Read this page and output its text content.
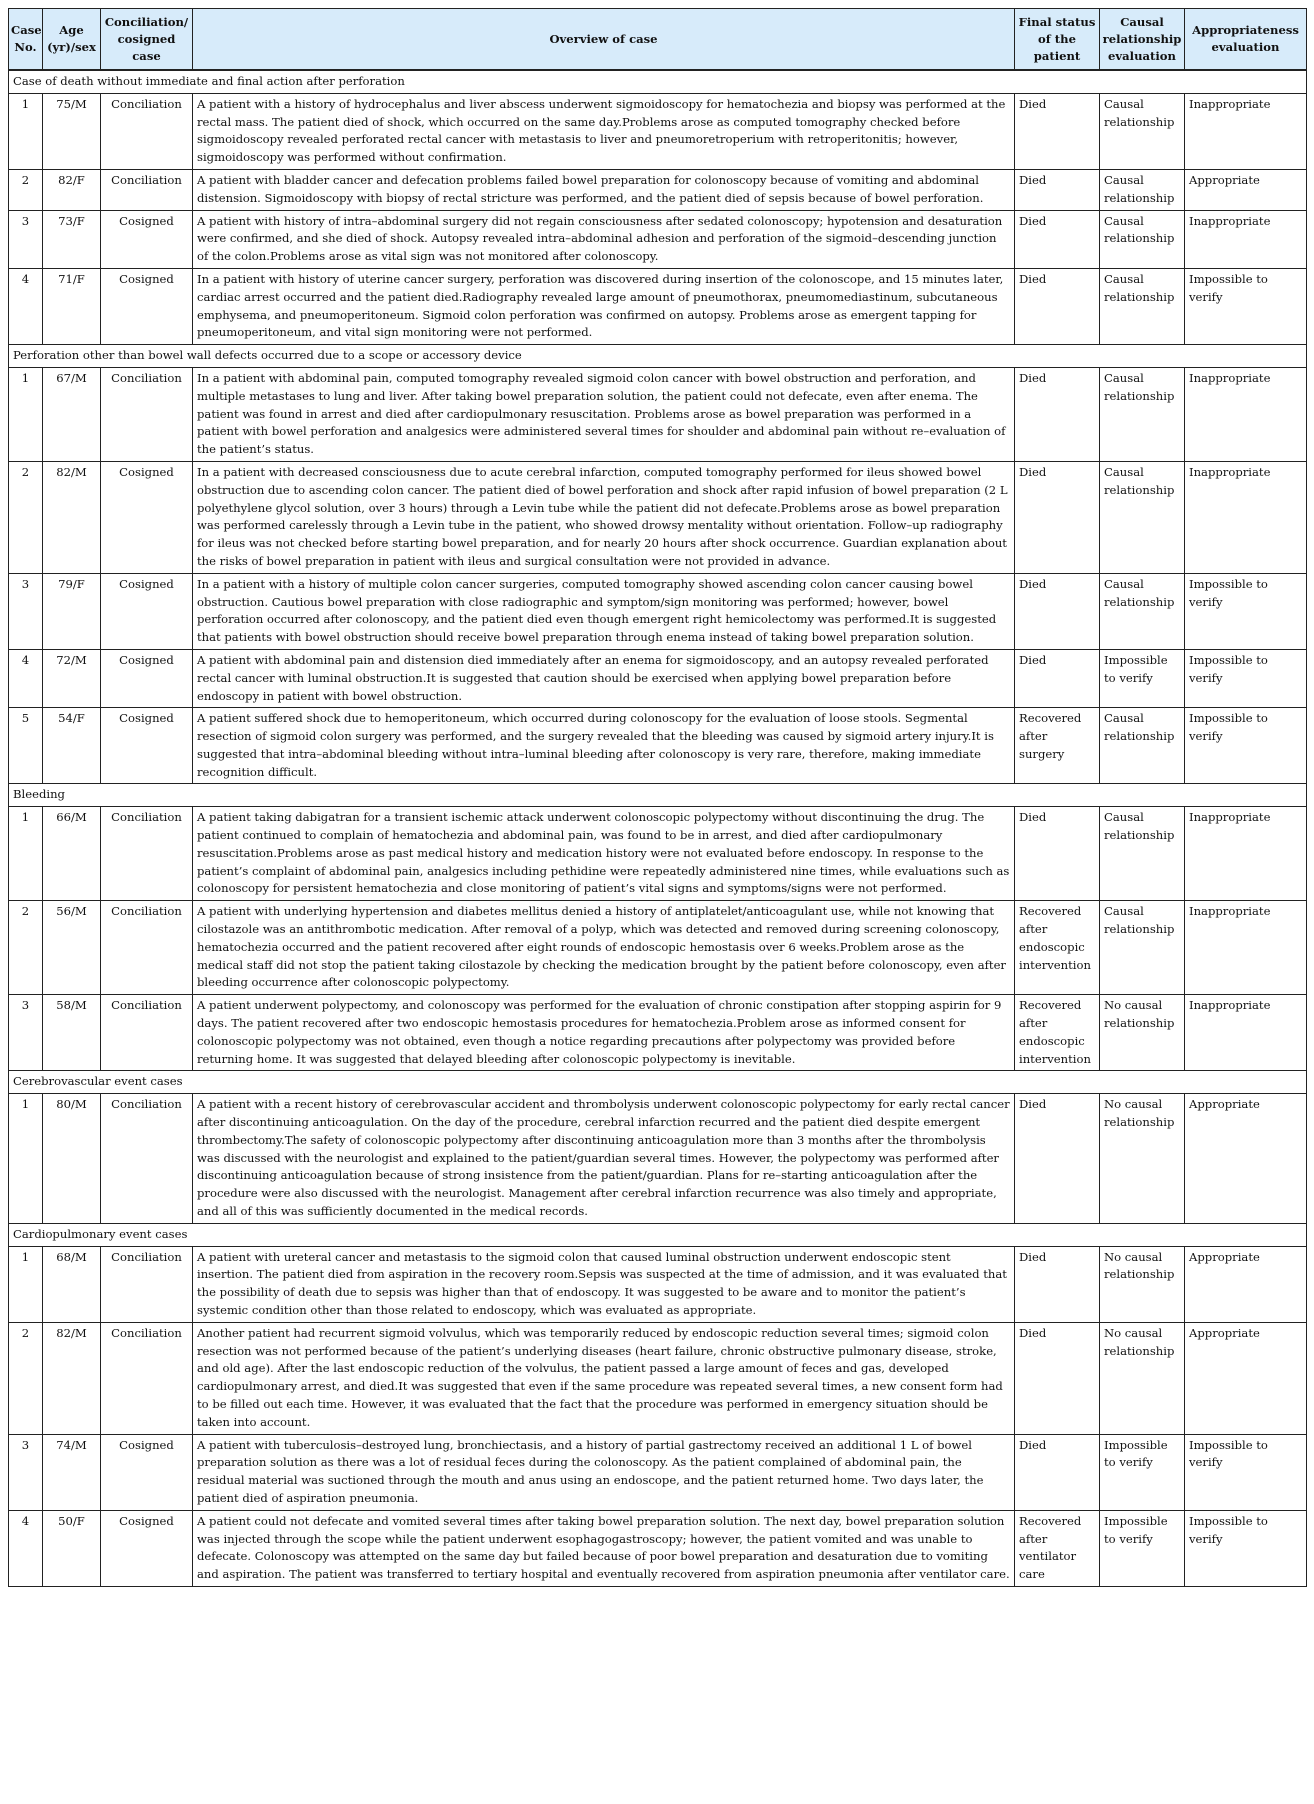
Case No.	Age (yr)/sex	Conciliation/ cosigned case	Overview of case	Final status of the patient	Causal relationship evaluation	Appropriateness evaluation
Case of death without immediate and final action after perforation						
1	75/M	Conciliation	A patient with a history of hydrocephalus and liver abscess underwent sigmoidoscopy for hematochezia and biopsy was performed at the rectal mass. The patient died of shock, which occurred on the same day.Problems arose as computed tomography checked before sigmoidoscopy revealed perforated rectal cancer with metastasis to liver and pneumoretroperium with retroperitonitis; however, sigmoidoscopy was performed without confirmation.	Died	Causal relationship	Inappropriate
2	82/F	Conciliation	A patient with bladder cancer and defecation problems failed bowel preparation for colonoscopy because of vomiting and abdominal distension. Sigmoidoscopy with biopsy of rectal stricture was performed, and the patient died of sepsis because of bowel perforation.	Died	Causal relationship	Appropriate
3	73/F	Cosigned	A patient with history of intra–abdominal surgery did not regain consciousness after sedated colonoscopy; hypotension and desaturation were confirmed, and she died of shock. Autopsy revealed intra–abdominal adhesion and perforation of the sigmoid–descending junction of the colon.Problems arose as vital sign was not monitored after colonoscopy.	Died	Causal relationship	Inappropriate
4	71/F	Cosigned	In a patient with history of uterine cancer surgery, perforation was discovered during insertion of the colonoscope, and 15 minutes later, cardiac arrest occurred and the patient died.Radiography revealed large amount of pneumothorax, pneumomediastinum, subcutaneous emphysema, and pneumoperitoneum. Sigmoid colon perforation was confirmed on autopsy. Problems arose as emergent tapping for pneumoperitoneum, and vital sign monitoring were not performed.	Died	Causal relationship	Impossible to verify
Perforation other than bowel wall defects occurred due to a scope or accessory device						
1	67/M	Conciliation	In a patient with abdominal pain, computed tomography revealed sigmoid colon cancer with bowel obstruction and perforation, and multiple metastases to lung and liver. After taking bowel preparation solution, the patient could not defecate, even after enema. The patient was found in arrest and died after cardiopulmonary resuscitation. Problems arose as bowel preparation was performed in a patient with bowel perforation and analgesics were administered several times for shoulder and abdominal pain without re–evaluation of the patient’s status.	Died	Causal relationship	Inappropriate
2	82/M	Cosigned	In a patient with decreased consciousness due to acute cerebral infarction, computed tomography performed for ileus showed bowel obstruction due to ascending colon cancer. The patient died of bowel perforation and shock after rapid infusion of bowel preparation (2 L polyethylene glycol solution, over 3 hours) through a Levin tube while the patient did not defecate.Problems arose as bowel preparation was performed carelessly through a Levin tube in the patient, who showed drowsy mentality without orientation. Follow–up radiography for ileus was not checked before starting bowel preparation, and for nearly 20 hours after shock occurrence. Guardian explanation about the risks of bowel preparation in patient with ileus and surgical consultation were not provided in advance.	Died	Causal relationship	Inappropriate
3	79/F	Cosigned	In a patient with a history of multiple colon cancer surgeries, computed tomography showed ascending colon cancer causing bowel obstruction. Cautious bowel preparation with close radiographic and symptom/sign monitoring was performed; however, bowel perforation occurred after colonoscopy, and the patient died even though emergent right hemicolectomy was performed.It is suggested that patients with bowel obstruction should receive bowel preparation through enema instead of taking bowel preparation solution.	Died	Causal relationship	Impossible to verify
4	72/M	Cosigned	A patient with abdominal pain and distension died immediately after an enema for sigmoidoscopy, and an autopsy revealed perforated rectal cancer with luminal obstruction.It is suggested that caution should be exercised when applying bowel preparation before endoscopy in patient with bowel obstruction.	Died	Impossible to verify	Impossible to verify
5	54/F	Cosigned	A patient suffered shock due to hemoperitoneum, which occurred during colonoscopy for the evaluation of loose stools. Segmental resection of sigmoid colon surgery was performed, and the surgery revealed that the bleeding was caused by sigmoid artery injury.It is suggested that intra–abdominal bleeding without intra–luminal bleeding after colonoscopy is very rare, therefore, making immediate recognition difficult.	Recovered after surgery	Causal relationship	Impossible to verify
Bleeding						
1	66/M	Conciliation	A patient taking dabigatran for a transient ischemic attack underwent colonoscopic polypectomy without discontinuing the drug. The patient continued to complain of hematochezia and abdominal pain, was found to be in arrest, and died after cardiopulmonary resuscitation.Problems arose as past medical history and medication history were not evaluated before endoscopy. In response to the patient’s complaint of abdominal pain, analgesics including pethidine were repeatedly administered nine times, while evaluations such as colonoscopy for persistent hematochezia and close monitoring of patient’s vital signs and symptoms/signs were not performed.	Died	Causal relationship	Inappropriate
2	56/M	Conciliation	A patient with underlying hypertension and diabetes mellitus denied a history of antiplatelet/anticoagulant use, while not knowing that cilostazole was an antithrombotic medication. After removal of a polyp, which was detected and removed during screening colonoscopy, hematochezia occurred and the patient recovered after eight rounds of endoscopic hemostasis over 6 weeks.Problem arose as the medical staff did not stop the patient taking cilostazole by checking the medication brought by the patient before colonoscopy, even after bleeding occurrence after colonoscopic polypectomy.	Recovered after endoscopic intervention	Causal relationship	Inappropriate
3	58/M	Conciliation	A patient underwent polypectomy, and colonoscopy was performed for the evaluation of chronic constipation after stopping aspirin for 9 days. The patient recovered after two endoscopic hemostasis procedures for hematochezia.Problem arose as informed consent for colonoscopic polypectomy was not obtained, even though a notice regarding precautions after polypectomy was provided before returning home. It was suggested that delayed bleeding after colonoscopic polypectomy is inevitable.	Recovered after endoscopic intervention	No causal relationship	Inappropriate
Cerebrovascular event cases						
1	80/M	Conciliation	A patient with a recent history of cerebrovascular accident and thrombolysis underwent colonoscopic polypectomy for early rectal cancer after discontinuing anticoagulation. On the day of the procedure, cerebral infarction recurred and the patient died despite emergent thrombectomy.The safety of colonoscopic polypectomy after discontinuing anticoagulation more than 3 months after the thrombolysis was discussed with the neurologist and explained to the patient/guardian several times. However, the polypectomy was performed after discontinuing anticoagulation because of strong insistence from the patient/guardian. Plans for re–starting anticoagulation after the procedure were also discussed with the neurologist. Management after cerebral infarction recurrence was also timely and appropriate, and all of this was sufficiently documented in the medical records.	Died	No causal relationship	Appropriate
Cardiopulmonary event cases						
1	68/M	Conciliation	A patient with ureteral cancer and metastasis to the sigmoid colon that caused luminal obstruction underwent endoscopic stent insertion. The patient died from aspiration in the recovery room.Sepsis was suspected at the time of admission, and it was evaluated that the possibility of death due to sepsis was higher than that of endoscopy. It was suggested to be aware and to monitor the patient’s systemic condition other than those related to endoscopy, which was evaluated as appropriate.	Died	No causal relationship	Appropriate
2	82/M	Conciliation	Another patient had recurrent sigmoid volvulus, which was temporarily reduced by endoscopic reduction several times; sigmoid colon resection was not performed because of the patient’s underlying diseases (heart failure, chronic obstructive pulmonary disease, stroke, and old age). After the last endoscopic reduction of the volvulus, the patient passed a large amount of feces and gas, developed cardiopulmonary arrest, and died.It was suggested that even if the same procedure was repeated several times, a new consent form had to be filled out each time. However, it was evaluated that the fact that the procedure was performed in emergency situation should be taken into account.	Died	No causal relationship	Appropriate
3	74/M	Cosigned	A patient with tuberculosis–destroyed lung, bronchiectasis, and a history of partial gastrectomy received an additional 1 L of bowel preparation solution as there was a lot of residual feces during the colonoscopy. As the patient complained of abdominal pain, the residual material was suctioned through the mouth and anus using an endoscope, and the patient returned home. Two days later, the patient died of aspiration pneumonia.	Died	Impossible to verify	Impossible to verify
4	50/F	Cosigned	A patient could not defecate and vomited several times after taking bowel preparation solution. The next day, bowel preparation solution was injected through the scope while the patient underwent esophagogastroscopy; however, the patient vomited and was unable to defecate. Colonoscopy was attempted on the same day but failed because of poor bowel preparation and desaturation due to vomiting and aspiration. The patient was transferred to tertiary hospital and eventually recovered from aspiration pneumonia after ventilator care.	Recovered after ventilator care	Impossible to verify	Impossible to verify
